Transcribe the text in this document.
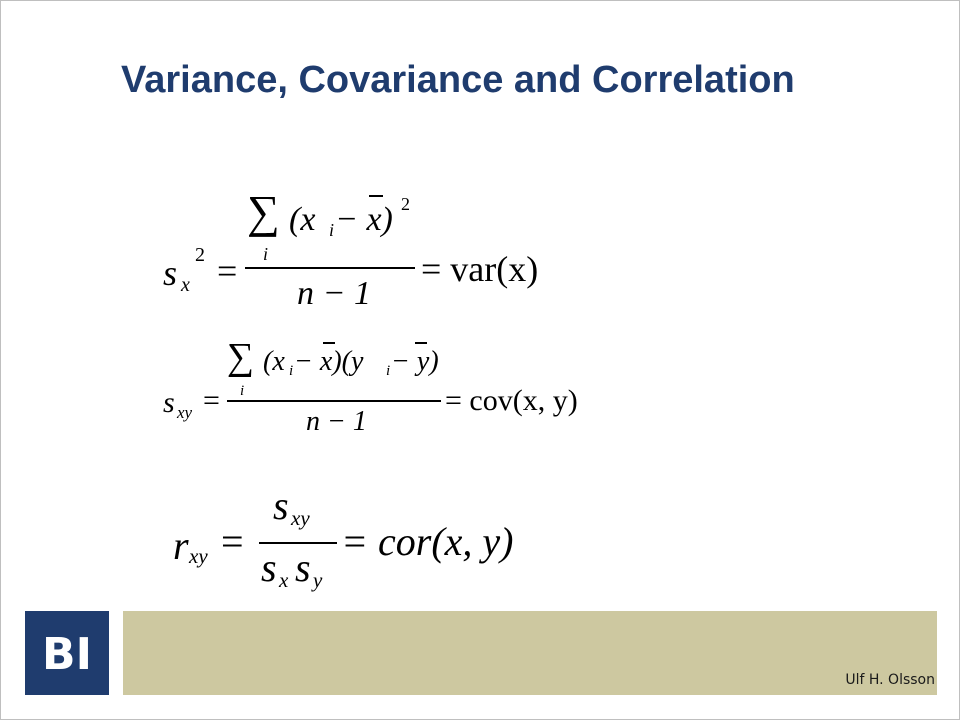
Variance, Covariance and Correlation
s x
2 =
∑
i
(x i − x) 2
n − 1
= var(x)
s xy =
∑
i
(x i − x)(y i − y)
n − 1
= cov(x, y)
r xy =
s xy
s x s y
= cor(x, y)
BI	Ulf H. Olsson
